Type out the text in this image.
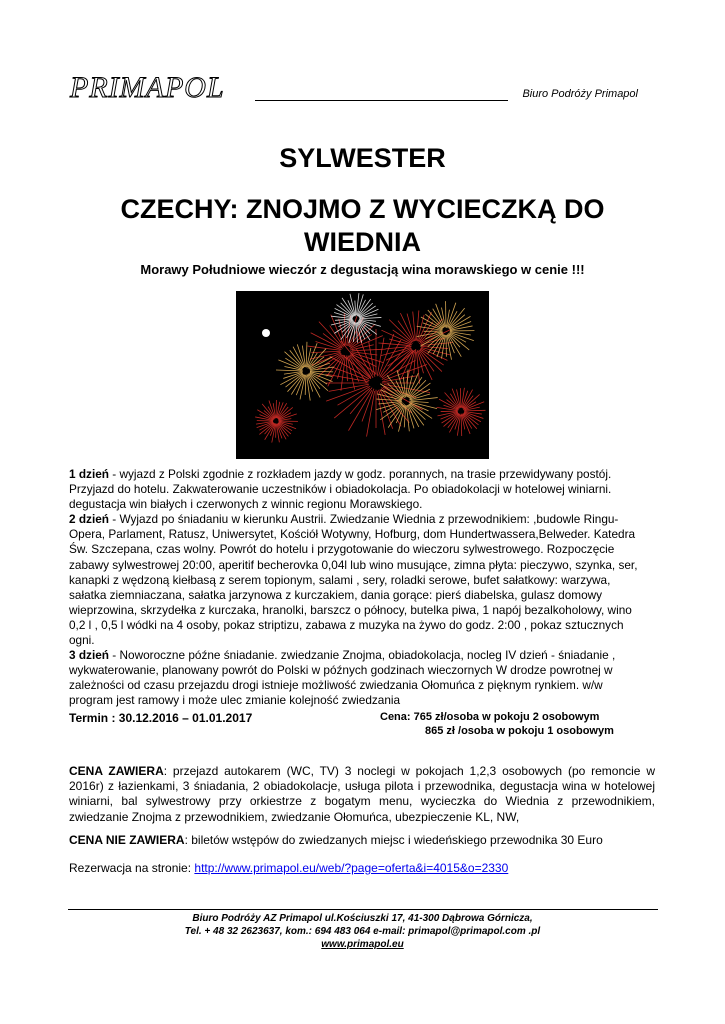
PRIMAPOL	Biuro Podróży Primapol
SYLWESTER
CZECHY: ZNOJMO Z WYCIECZKĄ DO WIEDNIA
Morawy Południowe wieczór z degustacją wina morawskiego w cenie !!!

1 dzień - wyjazd z Polski zgodnie z rozkładem jazdy w godz. porannych, na trasie przewidywany postój. Przyjazd do hotelu. Zakwaterowanie uczestników i obiadokolacja. Po obiadokolacji w hotelowej winiarni. degustacja win białych i czerwonych z winnic regionu Morawskiego.

2 dzień - Wyjazd po śniadaniu w kierunku Austrii. Zwiedzanie Wiednia z przewodnikiem: ,budowle Ringu- Opera, Parlament, Ratusz, Uniwersytet, Kościół Wotywny, Hofburg, dom Hundertwassera,Belweder. Katedra Św. Szczepana, czas wolny. Powrót do hotelu i przygotowanie do wieczoru sylwestrowego. Rozpoczęcie zabawy sylwestrowej 20:00, aperitif becherovka 0,04l lub wino musujące, zimna płyta: pieczywo, szynka, ser, kanapki z wędzoną kiełbasą z serem topionym, salami , sery, roladki serowe, bufet sałatkowy: warzywa, sałatka ziemniaczana, sałatka jarzynowa z kurczakiem, dania gorące: pierś diabelska, gulasz domowy wieprzowina, skrzydełka z kurczaka, hranolki, barszcz o północy, butelka piwa, 1 napój bezalkoholowy, wino 0,2 l , 0,5 l wódki na 4 osoby, pokaz striptizu, zabawa z muzyka na żywo do godz. 2:00 , pokaz sztucznych ogni.

3 dzień - Noworoczne późne śniadanie. zwiedzanie Znojma, obiadokolacja, nocleg IV dzień - śniadanie , wykwaterowanie, planowany powrót do Polski w późnych godzinach wieczornych W drodze powrotnej w zależności od czasu przejazdu drogi istnieje możliwość zwiedzania Ołomuńca z pięknym rynkiem. w/w program jest ramowy i może ulec zmianie kolejność zwiedzania

Termin : 30.12.2016 – 01.01.2017	Cena: 765 zł/osoba w pokoju 2 osobowym
865 zł /osoba w pokoju 1 osobowym
CENA ZAWIERA: przejazd autokarem (WC, TV) 3 noclegi w pokojach 1,2,3 osobowych (po remoncie w 2016r) z łazienkami, 3 śniadania, 2 obiadokolacje, usługa pilota i przewodnika, degustacja wina w hotelowej winiarni, bal sylwestrowy przy orkiestrze z bogatym menu, wycieczka do Wiednia z przewodnikiem, zwiedzanie Znojma z przewodnikiem, zwiedzanie Ołomuńca, ubezpieczenie KL, NW,
CENA NIE ZAWIERA: biletów wstępów do zwiedzanych miejsc i wiedeńskiego przewodnika 30 Euro
Rezerwacja na stronie: http://www.primapol.eu/web/?page=oferta&i=4015&o=2330
Biuro Podróży AZ Primapol ul.Kościuszki 17, 41-300 Dąbrowa Górnicza,
Tel. + 48 32 2623637, kom.: 694 483 064 e-mail: primapol@primapol.com .pl
www.primapol.eu
